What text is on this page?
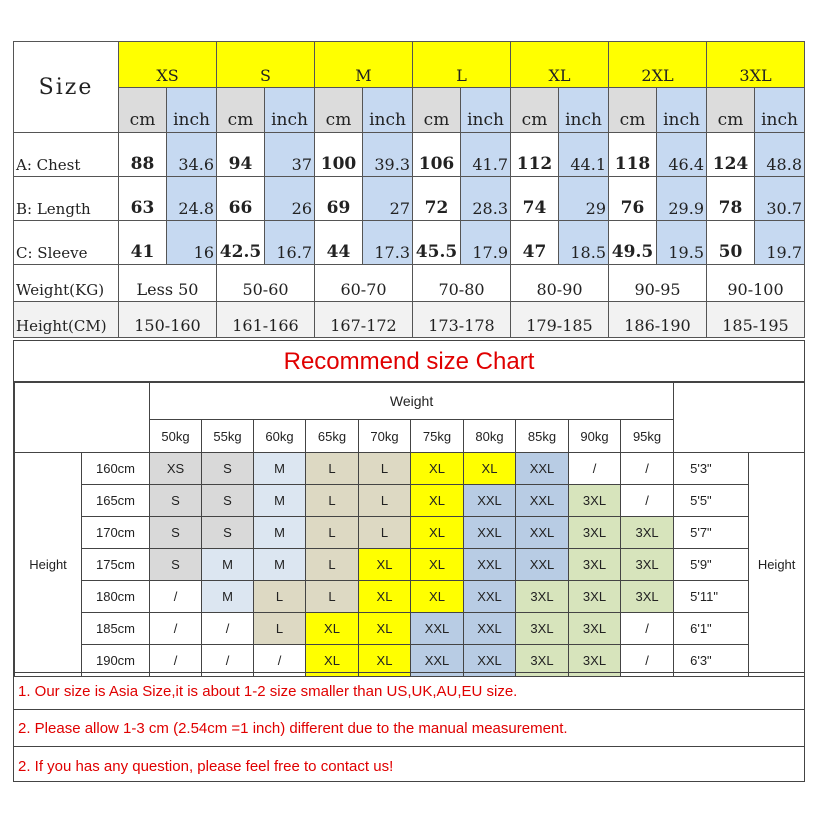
Size	XS		S		M		L		XL		2XL		3XL	
	cm	inch	cm	inch	cm	inch	cm	inch	cm	inch	cm	inch	cm	inch
A: Chest	88	34.6	94	37	100	39.3	106	41.7	112	44.1	118	46.4	124	48.8
B: Length	63	24.8	66	26	69	27	72	28.3	74	29	76	29.9	78	30.7
C: Sleeve	41	16	42.5	16.7	44	17.3	45.5	17.9	47	18.5	49.5	19.5	50	19.7
Weight(KG)	Less 50		50-60		60-70		70-80		80-90		90-95		90-100	
Height(CM)	150-160		161-166		167-172		173-178		179-185		186-190		185-195	
Recommend size Chart
		Weight											
		50kg	55kg	60kg	65kg	70kg	75kg	80kg	85kg	90kg	95kg		
Height	160cm	XS	S	M	L	L	XL	XL	XXL	/	/	5'3"	Height
	165cm	S	S	M	L	L	XL	XXL	XXL	3XL	/	5'5"	
	170cm	S	S	M	L	L	XL	XXL	XXL	3XL	3XL	5'7"	
	175cm	S	M	M	L	XL	XL	XXL	XXL	3XL	3XL	5'9"	
	180cm	/	M	L	L	XL	XL	XXL	3XL	3XL	3XL	5'11"	
	185cm	/	/	L	XL	XL	XXL	XXL	3XL	3XL	/	6'1"	
	190cm	/	/	/	XL	XL	XXL	XXL	3XL	3XL	/	6'3"	
1. Our size is Asia Size,it is about 1-2 size smaller than US,UK,AU,EU size.
2. Please allow 1-3 cm (2.54cm =1 inch) different due to the manual measurement.
2. If you has any question, please feel free to contact us!
